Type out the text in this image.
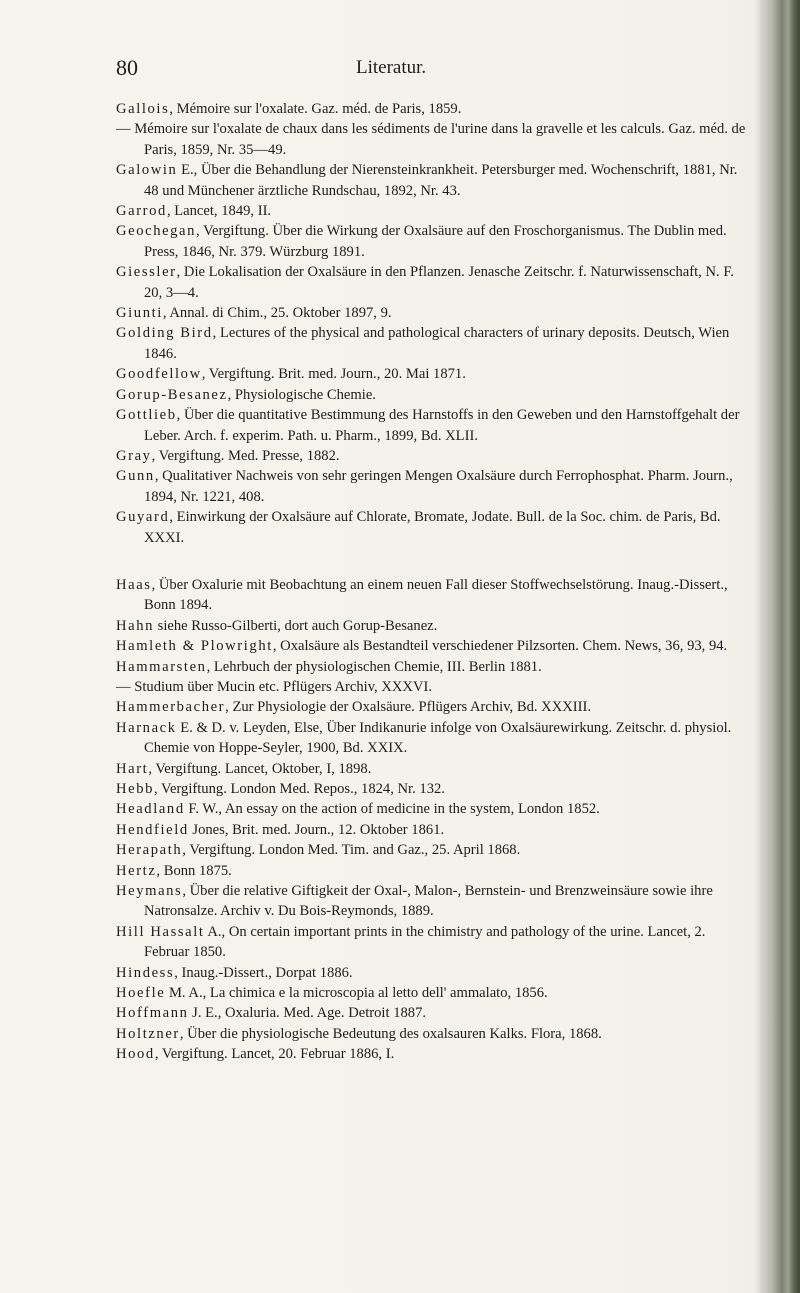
80	Literatur.

Gallois, Mémoire sur l'oxalate. Gaz. méd. de Paris, 1859.

— Mémoire sur l'oxalate de chaux dans les sédiments de l'urine dans la gravelle et les calculs. Gaz. méd. de Paris, 1859, Nr. 35—49.

Galowin E., Über die Behandlung der Nierensteinkrankheit. Petersburger med. Wochenschrift, 1881, Nr. 48 und Münchener ärztliche Rundschau, 1892, Nr. 43.

Garrod, Lancet, 1849, II.

Geochegan, Vergiftung. Über die Wirkung der Oxalsäure auf den Froschorganismus. The Dublin med. Press, 1846, Nr. 379. Würzburg 1891.

Giessler, Die Lokalisation der Oxalsäure in den Pflanzen. Jenasche Zeitschr. f. Naturwissenschaft, N. F. 20, 3—4.

Giunti, Annal. di Chim., 25. Oktober 1897, 9.

Golding Bird, Lectures of the physical and pathological characters of urinary deposits. Deutsch, Wien 1846.

Goodfellow, Vergiftung. Brit. med. Journ., 20. Mai 1871.

Gorup-Besanez, Physiologische Chemie.

Gottlieb, Über die quantitative Bestimmung des Harnstoffs in den Geweben und den Harnstoffgehalt der Leber. Arch. f. experim. Path. u. Pharm., 1899, Bd. XLII.

Gray, Vergiftung. Med. Presse, 1882.

Gunn, Qualitativer Nachweis von sehr geringen Mengen Oxalsäure durch Ferrophosphat. Pharm. Journ., 1894, Nr. 1221, 408.

Guyard, Einwirkung der Oxalsäure auf Chlorate, Bromate, Jodate. Bull. de la Soc. chim. de Paris, Bd. XXXI.

Haas, Über Oxalurie mit Beobachtung an einem neuen Fall dieser Stoffwechselstörung. Inaug.-Dissert., Bonn 1894.

Hahn siehe Russo-Gilberti, dort auch Gorup-Besanez.

Hamleth & Plowright, Oxalsäure als Bestandteil verschiedener Pilzsorten. Chem. News, 36, 93, 94.

Hammarsten, Lehrbuch der physiologischen Chemie, III. Berlin 1881.

— Studium über Mucin etc. Pflügers Archiv, XXXVI.

Hammerbacher, Zur Physiologie der Oxalsäure. Pflügers Archiv, Bd. XXXIII.

Harnack E. & D. v. Leyden, Else, Über Indikanurie infolge von Oxalsäurewirkung. Zeitschr. d. physiol. Chemie von Hoppe-Seyler, 1900, Bd. XXIX.

Hart, Vergiftung. Lancet, Oktober, I, 1898.

Hebb, Vergiftung. London Med. Repos., 1824, Nr. 132.

Headland F. W., An essay on the action of medicine in the system, London 1852.

Hendfield Jones, Brit. med. Journ., 12. Oktober 1861.

Herapath, Vergiftung. London Med. Tim. and Gaz., 25. April 1868.

Hertz, Bonn 1875.

Heymans, Über die relative Giftigkeit der Oxal-, Malon-, Bernstein- und Brenzweinsäure sowie ihre Natronsalze. Archiv v. Du Bois-Reymonds, 1889.

Hill Hassalt A., On certain important prints in the chimistry and pathology of the urine. Lancet, 2. Februar 1850.

Hindess, Inaug.-Dissert., Dorpat 1886.

Hoefle M. A., La chimica e la microscopia al letto dell' ammalato, 1856.

Hoffmann J. E., Oxaluria. Med. Age. Detroit 1887.

Holtzner, Über die physiologische Bedeutung des oxalsauren Kalks. Flora, 1868.

Hood, Vergiftung. Lancet, 20. Februar 1886, I.
